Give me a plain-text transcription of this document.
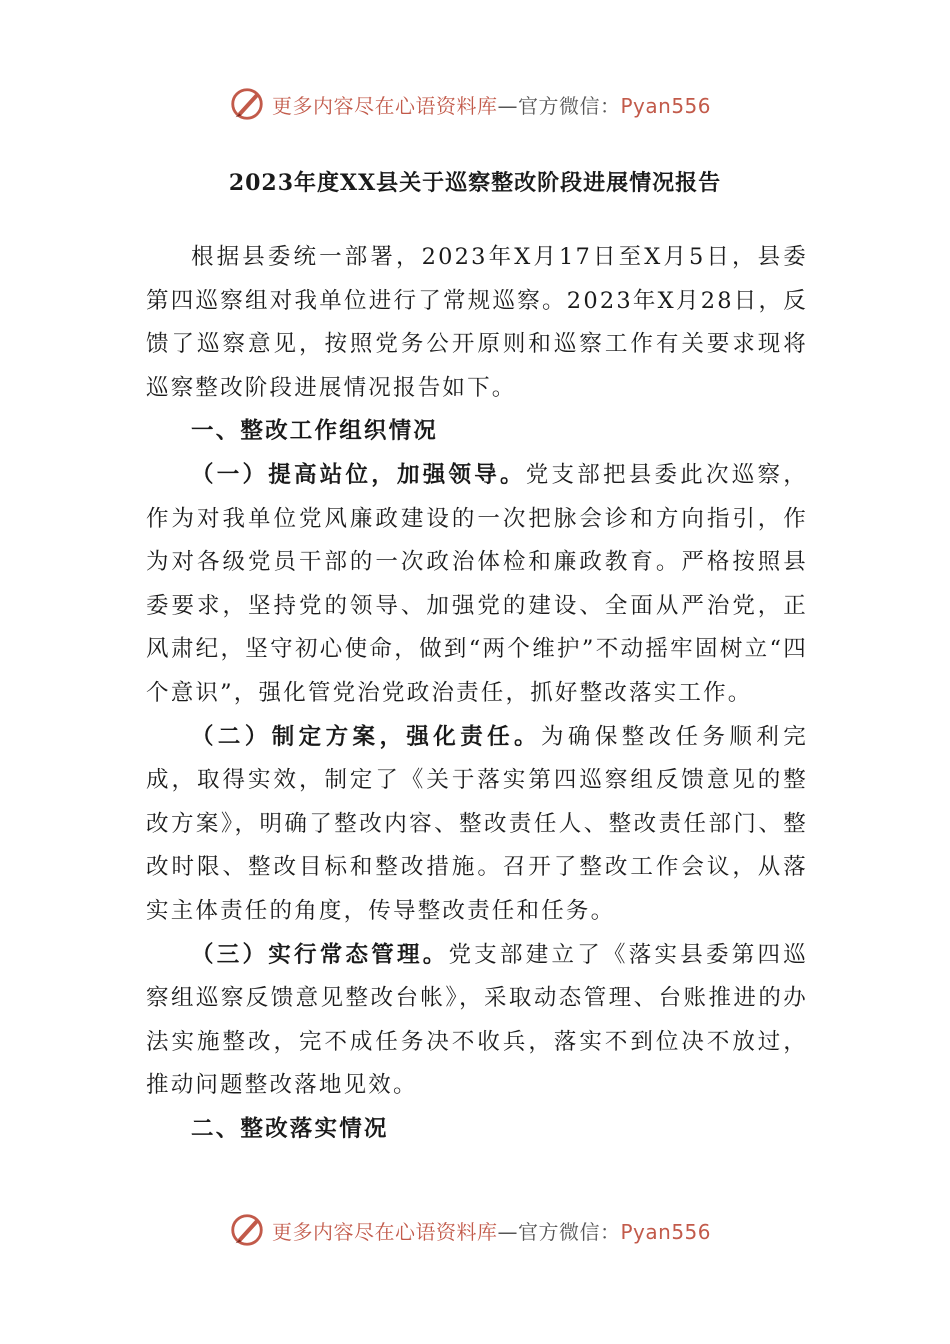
更多内容尽在心语资料库—官方微信：Pyan556
2023年度XX县关于巡察整改阶段进展情况报告

根据县委统一部署，2023年X月17日至X月5日，县委第四巡察组对我单位进行了常规巡察。2023年X月28日，反馈了巡察意见，按照党务公开原则和巡察工作有关要求现将巡察整改阶段进展情况报告如下。

一、整改工作组织情况

（一）提高站位，加强领导。党支部把县委此次巡察，作为对我单位党风廉政建设的一次把脉会诊和方向指引，作为对各级党员干部的一次政治体检和廉政教育。严格按照县委要求，坚持党的领导、加强党的建设、全面从严治党，正风肃纪，坚守初心使命，做到“两个维护”不动摇牢固树立“四个意识”，强化管党治党政治责任，抓好整改落实工作。

（二）制定方案，强化责任。为确保整改任务顺利完成，取得实效，制定了《关于落实第四巡察组反馈意见的整改方案》，明确了整改内容、整改责任人、整改责任部门、整改时限、整改目标和整改措施。召开了整改工作会议，从落实主体责任的角度，传导整改责任和任务。

（三）实行常态管理。党支部建立了《落实县委第四巡察组巡察反馈意见整改台帐》，采取动态管理、台账推进的办法实施整改，完不成任务决不收兵，落实不到位决不放过，推动问题整改落地见效。

二、整改落实情况
更多内容尽在心语资料库—官方微信：Pyan556
